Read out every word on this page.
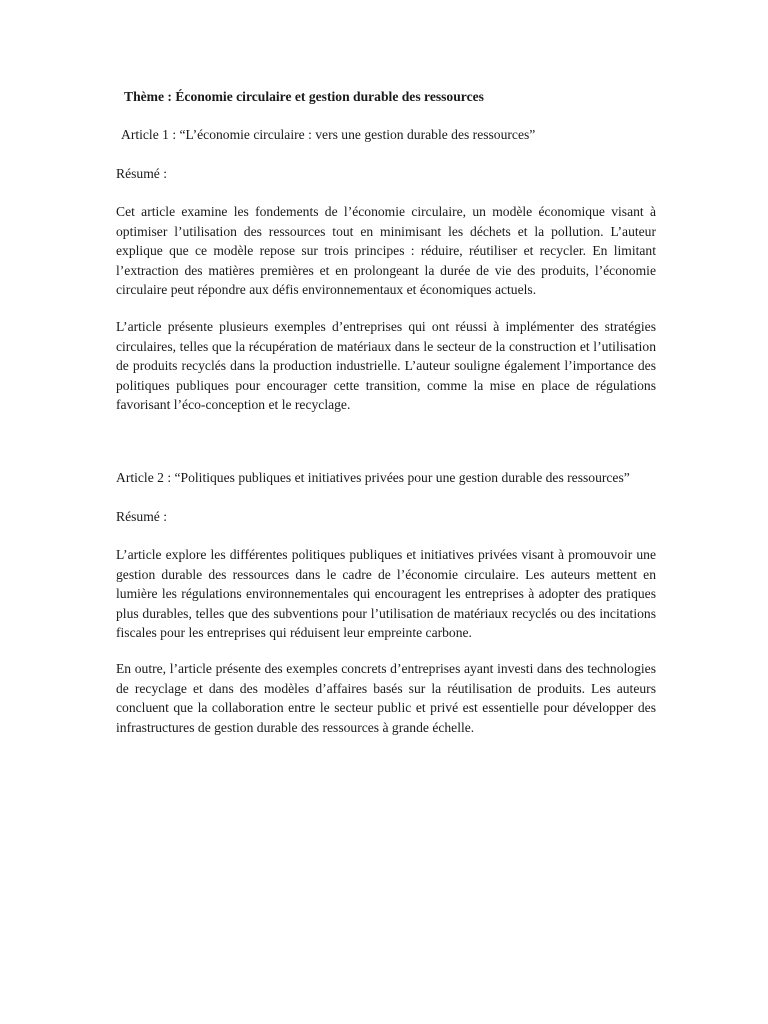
Thème : Économie circulaire et gestion durable des ressources

Article 1 : “L’économie circulaire : vers une gestion durable des ressources”

Résumé :

Cet article examine les fondements de l’économie circulaire, un modèle économique visant à optimiser l’utilisation des ressources tout en minimisant les déchets et la pollution. L’auteur explique que ce modèle repose sur trois principes : réduire, réutiliser et recycler. En limitant l’extraction des matières premières et en prolongeant la durée de vie des produits, l’économie circulaire peut répondre aux défis environnementaux et économiques actuels.

L’article présente plusieurs exemples d’entreprises qui ont réussi à implémenter des stratégies circulaires, telles que la récupération de matériaux dans le secteur de la construction et l’utilisation de produits recyclés dans la production industrielle. L’auteur souligne également l’importance des politiques publiques pour encourager cette transition, comme la mise en place de régulations favorisant l’éco-conception et le recyclage.

Article 2 : “Politiques publiques et initiatives privées pour une gestion durable des ressources”

Résumé :

L’article explore les différentes politiques publiques et initiatives privées visant à promouvoir une gestion durable des ressources dans le cadre de l’économie circulaire. Les auteurs mettent en lumière les régulations environnementales qui encouragent les entreprises à adopter des pratiques plus durables, telles que des subventions pour l’utilisation de matériaux recyclés ou des incitations fiscales pour les entreprises qui réduisent leur empreinte carbone.

En outre, l’article présente des exemples concrets d’entreprises ayant investi dans des technologies de recyclage et dans des modèles d’affaires basés sur la réutilisation de produits. Les auteurs concluent que la collaboration entre le secteur public et privé est essentielle pour développer des infrastructures de gestion durable des ressources à grande échelle.
